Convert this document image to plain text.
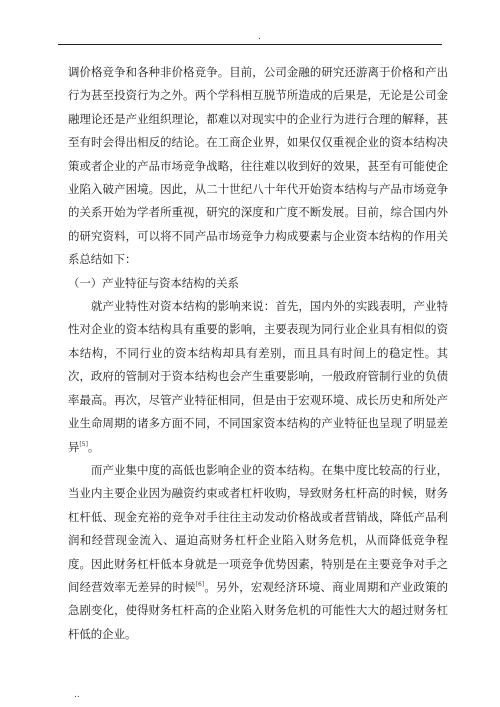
.

调价格竞争和各种非价格竞争。目前，公司金融的研究还游离于价格和产出行为甚至投资行为之外。两个学科相互脱节所造成的后果是，无论是公司金融理论还是产业组织理论，都难以对现实中的企业行为进行合理的解释，甚至有时会得出相反的结论。在工商企业界，如果仅仅重视企业的资本结构决策或者企业的产品市场竞争战略，往往难以收到好的效果，甚至有可能使企业陷入破产困境。因此，从二十世纪八十年代开始资本结构与产品市场竞争的关系开始为学者所重视，研究的深度和广度不断发展。目前，综合国内外的研究资料，可以将不同产品市场竞争力构成要素与企业资本结构的作用关系总结如下：

（一）产业特征与资本结构的关系

就产业特性对资本结构的影响来说：首先，国内外的实践表明，产业特性对企业的资本结构具有重要的影响，主要表现为同行业企业具有相似的资本结构，不同行业的资本结构却具有差别，而且具有时间上的稳定性。其次，政府的管制对于资本结构也会产生重要影响，一般政府管制行业的负债率最高。再次，尽管产业特征相同，但是由于宏观环境、成长历史和所处产业生命周期的诸多方面不同，不同国家资本结构的产业特征也呈现了明显差异[5]。

而产业集中度的高低也影响企业的资本结构。在集中度比较高的行业，当业内主要企业因为融资约束或者杠杆收购，导致财务杠杆高的时候，财务杠杆低、现金充裕的竞争对手往往主动发动价格战或者营销战，降低产品利润和经营现金流入、逼迫高财务杠杆企业陷入财务危机，从而降低竞争程度。因此财务杠杆低本身就是一项竞争优势因素，特别是在主要竞争对手之间经营效率无差异的时候[6]。另外，宏观经济环境、商业周期和产业政策的急剧变化，使得财务杠杆高的企业陷入财务危机的可能性大大的超过财务杠杆低的企业。

..
